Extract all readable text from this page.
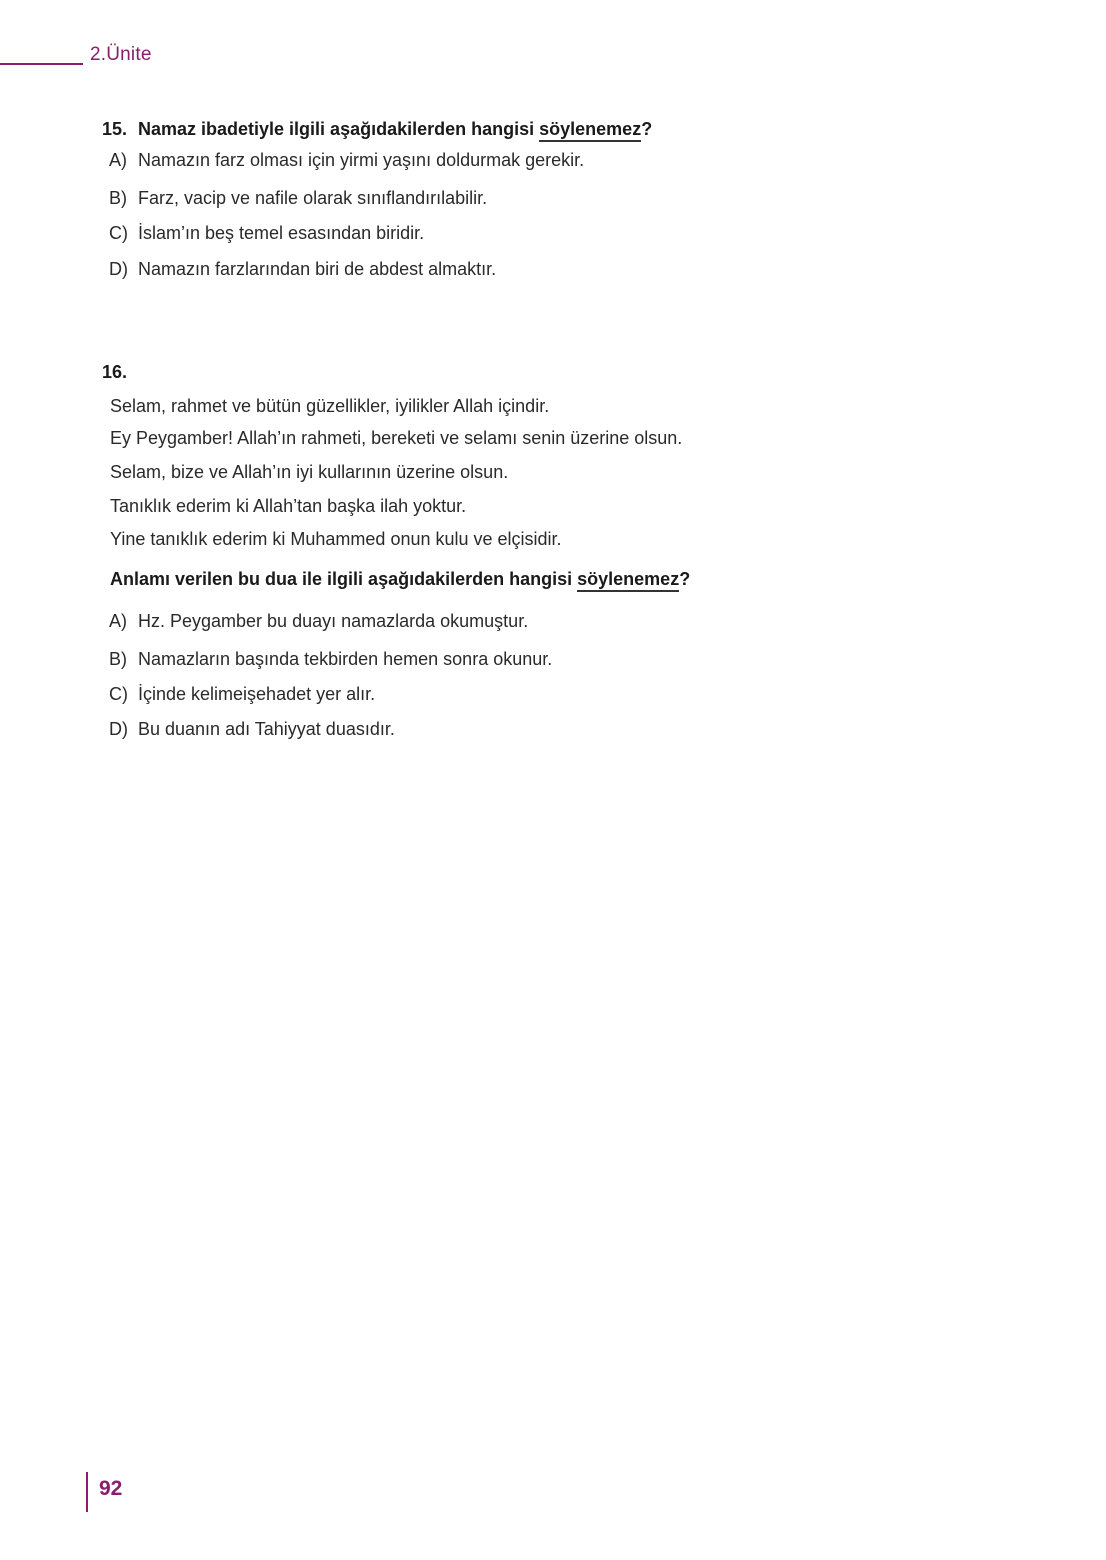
2.Ünite
15. Namaz ibadetiyle ilgili aşağıdakilerden hangisi söylenemez?
A) Namazın farz olması için yirmi yaşını doldurmak gerekir.
B) Farz, vacip ve nafile olarak sınıflandırılabilir.
C) İslam’ın beş temel esasından biridir.
D) Namazın farzlarından biri de abdest almaktır.
16.
Selam, rahmet ve bütün güzellikler, iyilikler Allah içindir.
Ey Peygamber! Allah’ın rahmeti, bereketi ve selamı senin üzerine olsun.
Selam, bize ve Allah’ın iyi kullarının üzerine olsun.
Tanıklık ederim ki Allah’tan başka ilah yoktur.
Yine tanıklık ederim ki Muhammed onun kulu ve elçisidir.
Anlamı verilen bu dua ile ilgili aşağıdakilerden hangisi söylenemez?
A) Hz. Peygamber bu duayı namazlarda okumuştur.
B) Namazların başında tekbirden hemen sonra okunur.
C) İçinde kelimeişehadet yer alır.
D) Bu duanın adı Tahiyyat duasıdır.
92
